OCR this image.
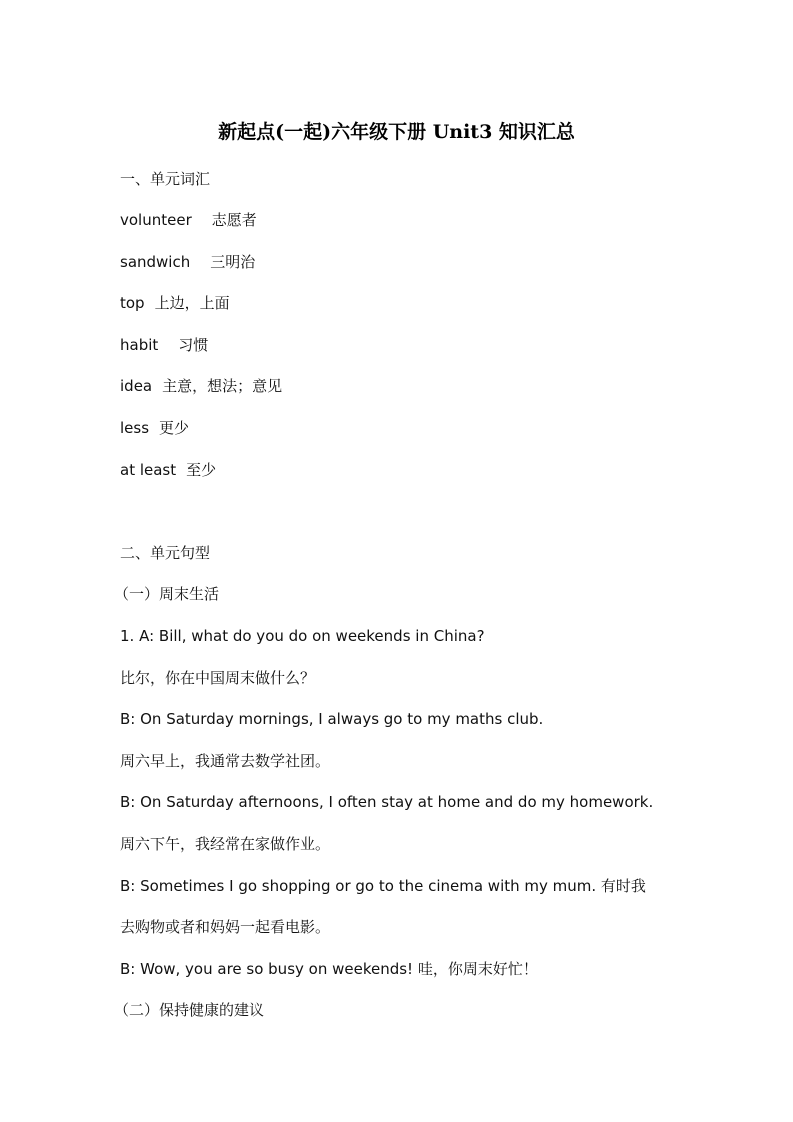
新起点(一起)六年级下册 Unit3 知识汇总
一、单元词汇
volunteer 志愿者
sandwich 三明治
top 上边，上面
habit 习惯
idea 主意，想法；意见
less 更少
at least 至少
二、单元句型
（一）周末生活
1. A: Bill, what do you do on weekends in China?
比尔，你在中国周末做什么？
B: On Saturday mornings, I always go to my maths club.
周六早上，我通常去数学社团。
B: On Saturday afternoons, I often stay at home and do my homework.
周六下午，我经常在家做作业。
B: Sometimes I go shopping or go to the cinema with my mum. 有时我
去购物或者和妈妈一起看电影。
B: Wow, you are so busy on weekends! 哇，你周末好忙！
（二）保持健康的建议
